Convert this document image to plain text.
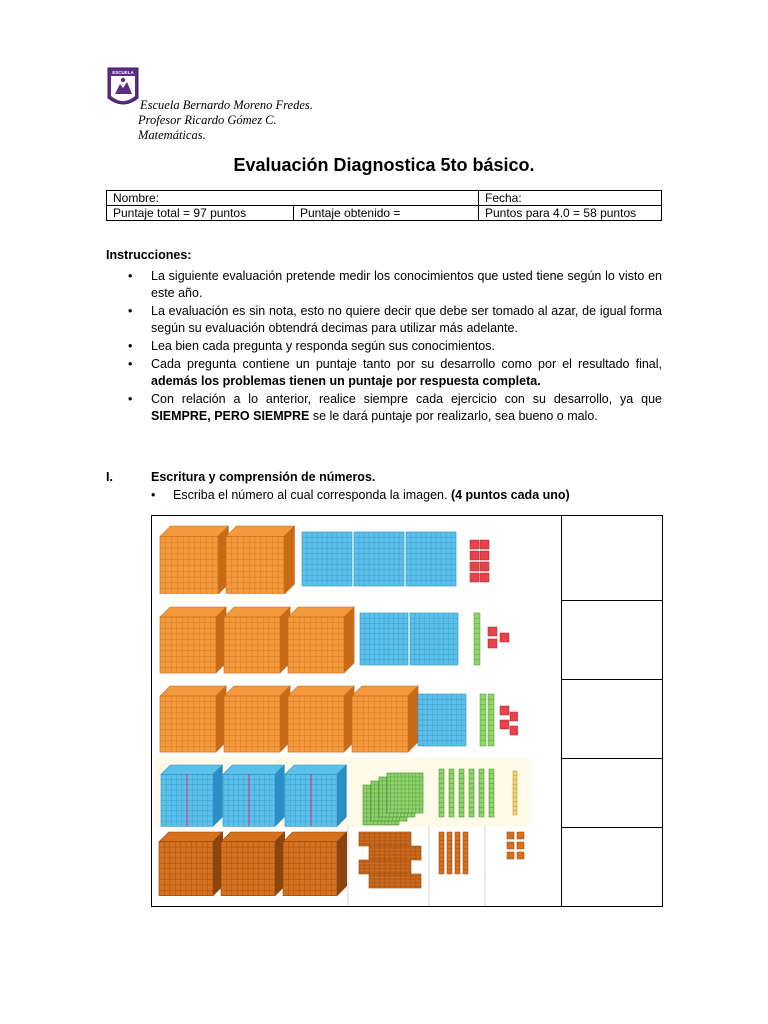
ESCUELA
Escuela Bernardo Moreno Fredes.
Profesor Ricardo Gómez C.
Matemáticas.
Evaluación Diagnostica 5to básico.
Nombre:		Fecha:
Puntaje total = 97 puntos	Puntaje obtenido =	Puntos para 4.0 = 58 puntos
Instrucciones:
• La siguiente evaluación pretende medir los conocimientos que usted tiene según lo visto en este año.
• La evaluación es sin nota, esto no quiere decir que debe ser tomado al azar, de igual forma según su evaluación obtendrá decimas para utilizar más adelante.
• Lea bien cada pregunta y responda según sus conocimientos.
• Cada pregunta contiene un puntaje tanto por su desarrollo como por el resultado final, además los problemas tienen un puntaje por respuesta completa.
• Con relación a lo anterior, realice siempre cada ejercicio con su desarrollo, ya que SIEMPRE, PERO SIEMPRE se le dará puntaje por realizarlo, sea bueno o malo.
I.	Escritura y comprensión de números.
• Escriba el número al cual corresponda la imagen. (4 puntos cada uno)
